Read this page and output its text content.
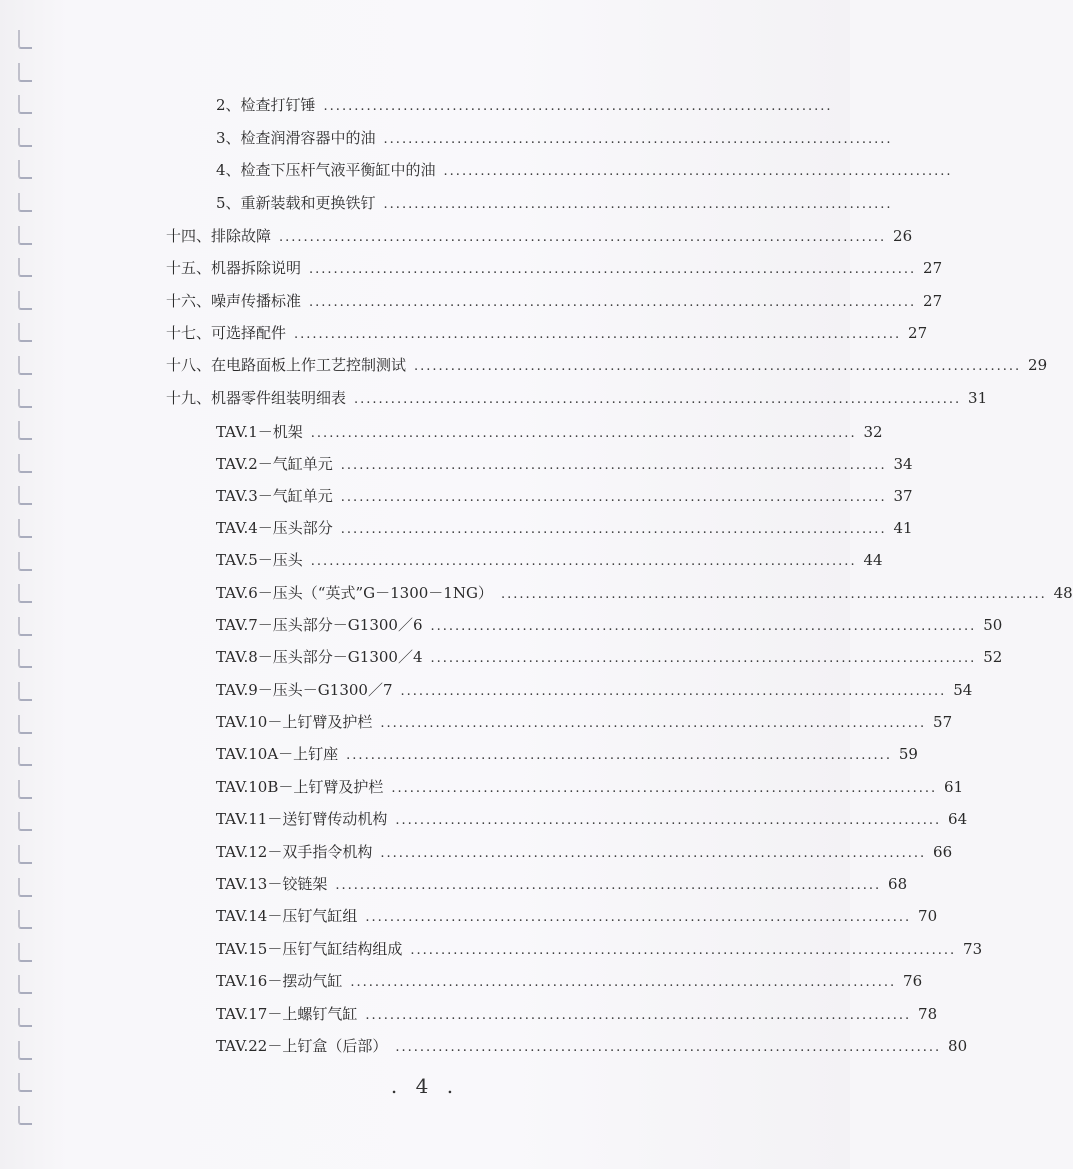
2、检查打钉锤 ...................................................................................
3、检查润滑容器中的油 ...................................................................................
4、检查下压杆气液平衡缸中的油 ...................................................................................
5、重新装载和更换铁钉 ...................................................................................
十四、排除故障 ................................................................................................... 26
十五、机器拆除说明 ................................................................................................... 27
十六、噪声传播标准 ................................................................................................... 27
十七、可选择配件 ................................................................................................... 27
十八、在电路面板上作工艺控制测试 ................................................................................................... 29
十九、机器零件组装明细表 ................................................................................................... 31
TAV.1－机架 ......................................................................................... 32
TAV.2－气缸单元 ......................................................................................... 34
TAV.3－气缸单元 ......................................................................................... 37
TAV.4－压头部分 ......................................................................................... 41
TAV.5－压头 ......................................................................................... 44
TAV.6－压头（“英式”G－1300－1NG） ......................................................................................... 48
TAV.7－压头部分－G1300／6 ......................................................................................... 50
TAV.8－压头部分－G1300／4 ......................................................................................... 52
TAV.9－压头－G1300／7 ......................................................................................... 54
TAV.10－上钉臂及护栏 ......................................................................................... 57
TAV.10A－上钉座 ......................................................................................... 59
TAV.10B－上钉臂及护栏 ......................................................................................... 61
TAV.11－送钉臂传动机构 ......................................................................................... 64
TAV.12－双手指令机构 ......................................................................................... 66
TAV.13－铰链架 ......................................................................................... 68
TAV.14－压钉气缸组 ......................................................................................... 70
TAV.15－压钉气缸结构组成 ......................................................................................... 73
TAV.16－摆动气缸 ......................................................................................... 76
TAV.17－上螺钉气缸 ......................................................................................... 78
TAV.22－上钉盒（后部） ......................................................................................... 80
. 4 .
